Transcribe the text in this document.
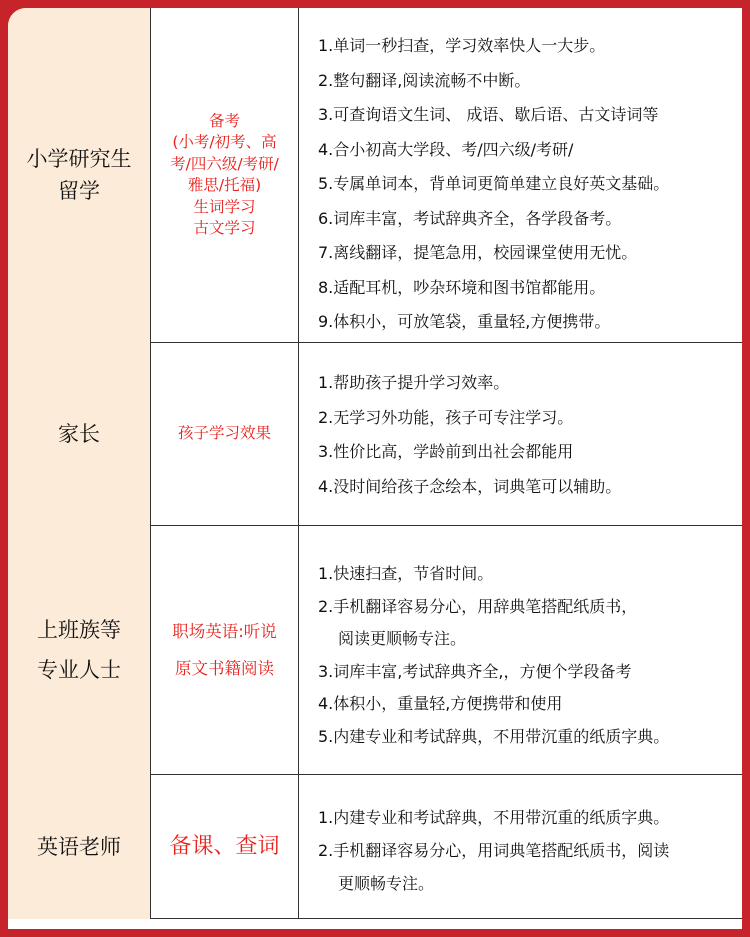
小学研究生
留学
备考
(小考/初考、高
考/四六级/考研/
雅思/托福)
生词学习
古文学习
1.单词一秒扫查，学习效率快人一大步。
2.整句翻译,阅读流畅不中断。
3.可查询语文生词、 成语、歇后语、古文诗词等
4.合小初高大学段、考/四六级/考研/
5.专属单词本，背单词更简单建立良好英文基础。
6.词库丰富，考试辞典齐全，各学段备考。
7.离线翻译，提笔急用，校园课堂使用无忧。
8.适配耳机，吵杂环境和图书馆都能用。
9.体积小，可放笔袋，重量轻,方便携带。
家长	孩子学习效果
1.帮助孩子提升学习效率。
2.无学习外功能，孩子可专注学习。
3.性价比高，学龄前到出社会都能用
4.没时间给孩子念绘本，词典笔可以辅助。
上班族等
专业人士
职场英语:听说
原文书籍阅读
1.快速扫查，节省时间。
2.手机翻译容易分心，用辞典笔搭配纸质书，
阅读更顺畅专注。
3.词库丰富,考试辞典齐全,，方便个学段备考
4.体积小，重量轻,方便携带和使用
5.内建专业和考试辞典，不用带沉重的纸质字典。
英语老师 备课、查词
1.内建专业和考试辞典，不用带沉重的纸质字典。
2.手机翻译容易分心，用词典笔搭配纸质书，阅读
更顺畅专注。
